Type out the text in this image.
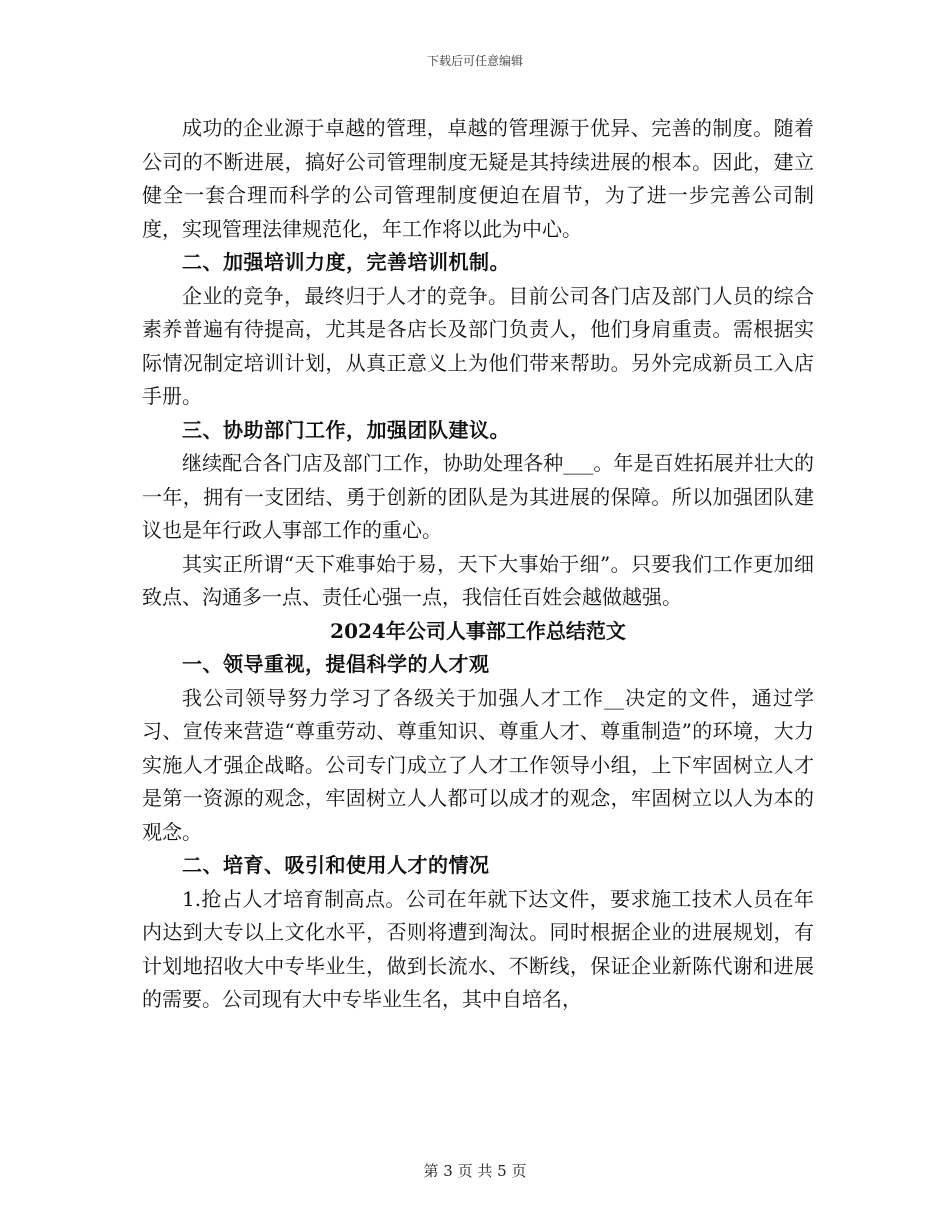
下载后可任意编辑

成功的企业源于卓越的管理，卓越的管理源于优异、完善的制度。随着公司的不断进展，搞好公司管理制度无疑是其持续进展的根本。因此，建立健全一套合理而科学的公司管理制度便迫在眉节，为了进一步完善公司制度，实现管理法律规范化，年工作将以此为中心。

二、加强培训力度，完善培训机制。

企业的竞争，最终归于人才的竞争。目前公司各门店及部门人员的综合素养普遍有待提高，尤其是各店长及部门负责人，他们身肩重责。需根据实际情况制定培训计划，从真正意义上为他们带来帮助。另外完成新员工入店手册。

三、协助部门工作，加强团队建议。

继续配合各门店及部门工作，协助处理各种___。年是百姓拓展并壮大的一年，拥有一支团结、勇于创新的团队是为其进展的保障。所以加强团队建议也是年行政人事部工作的重心。

其实正所谓“天下难事始于易，天下大事始于细”。只要我们工作更加细致点、沟通多一点、责任心强一点，我信任百姓会越做越强。

2024年公司人事部工作总结范文

一、领导重视，提倡科学的人才观

我公司领导努力学习了各级关于加强人才工作__决定的文件，通过学习、宣传来营造“尊重劳动、尊重知识、尊重人才、尊重制造”的环境，大力实施人才强企战略。公司专门成立了人才工作领导小组，上下牢固树立人才是第一资源的观念，牢固树立人人都可以成才的观念，牢固树立以人为本的观念。

二、培育、吸引和使用人才的情况

1.抢占人才培育制高点。公司在年就下达文件，要求施工技术人员在年内达到大专以上文化水平，否则将遭到淘汰。同时根据企业的进展规划，有计划地招收大中专毕业生，做到长流水、不断线，保证企业新陈代谢和进展的需要。公司现有大中专毕业生名，其中自培名，

第 3 页 共 5 页
